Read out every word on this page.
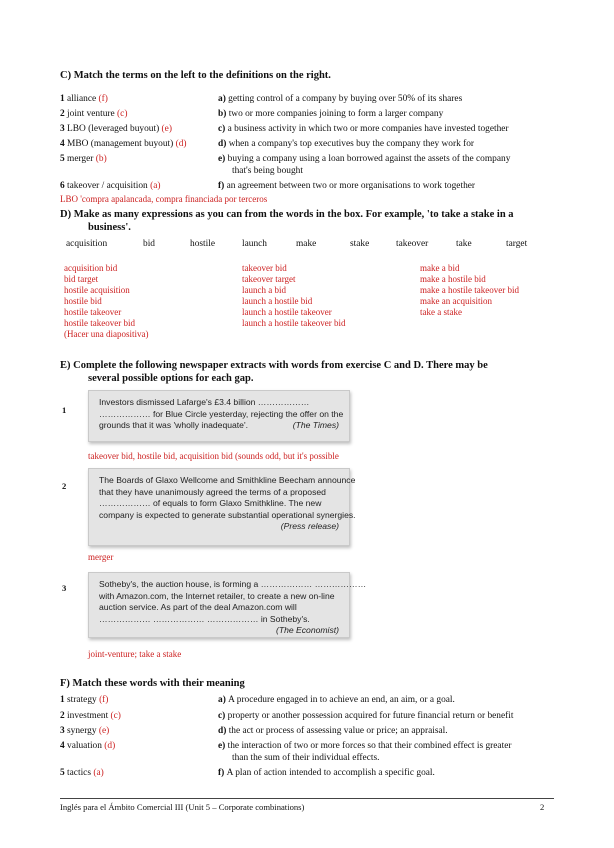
C) Match the terms on the left to the definitions on the right.
1 alliance (f)	a) getting control of a company by buying over 50% of its shares
2 joint venture (c)	b) two or more companies joining to form a larger company
3 LBO (leveraged buyout) (e)	c) a business activity in which two or more companies have invested together
4 MBO (management buyout) (d)	d) when a company's top executives buy the company they work for
5 merger (b)	e) buying a company using a loan borrowed against the assets of the company
that's being bought
6 takeover / acquisition (a)	f) an agreement between two or more organisations to work together
LBO 'compra apalancada, compra financiada por terceros
D) Make as many expressions as you can from the words in the box. For example, 'to take a stake in a
business'.
acquisition	bid	hostile	launch	make	stake	takeover	take	target
acquisition bid
bid target
hostile acquisition
hostile bid
hostile takeover
hostile takeover bid
(Hacer una diapositiva)
takeover bid
takeover target
launch a bid
launch a hostile bid
launch a hostile takeover
launch a hostile takeover bid
make a bid
make a hostile bid
make a hostile takeover bid
make an acquisition
take a stake
E) Complete the following newspaper extracts with words from exercise C and D. There may be
several possible options for each gap.
1
Investors dismissed Lafarge's £3.4 billion ………………
……………… for Blue Circle yesterday, rejecting the offer on the
grounds that it was 'wholly inadequate'.	(The Times)
takeover bid, hostile bid, acquisition bid (sounds odd, but it's possible
2
The Boards of Glaxo Wellcome and Smithkline Beecham announce
that they have unanimously agreed the terms of a proposed
……………… of equals to form Glaxo Smithkline. The new
company is expected to generate substantial operational synergies.
(Press release)
merger
3	Sotheby's, the auction house, is forming a ……………… ………………
with Amazon.com, the Internet retailer, to create a new on-line
auction service. As part of the deal Amazon.com will
……………… ……………… ……………… in Sotheby's.
(The Economist)
joint-venture; take a stake
F) Match these words with their meaning
1 strategy (f)	a) A procedure engaged in to achieve an end, an aim, or a goal.
2 investment (c)	c) property or another possession acquired for future financial return or benefit
3 synergy (e)	d) the act or process of assessing value or price; an appraisal.
4 valuation (d)	e) the interaction of two or more forces so that their combined effect is greater
than the sum of their individual effects.
5 tactics (a)	f) A plan of action intended to accomplish a specific goal.
Inglés para el Ámbito Comercial III (Unit 5 – Corporate combinations)	2
